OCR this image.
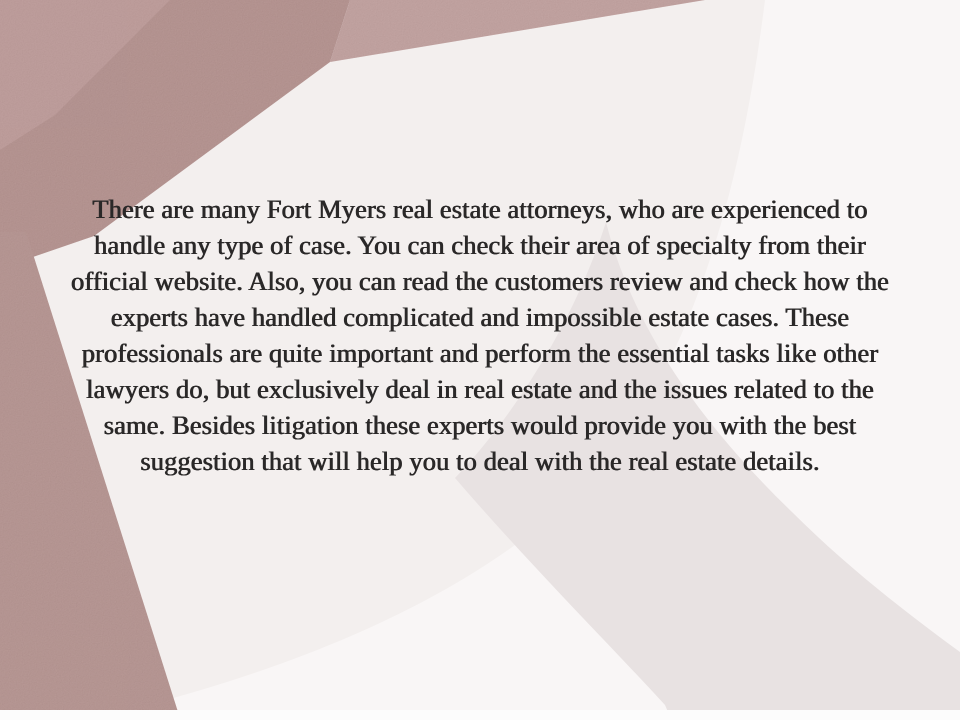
There are many Fort Myers real estate attorneys, who are experienced to
handle any type of case. You can check their area of specialty from their
official website. Also, you can read the customers review and check how the
experts have handled complicated and impossible estate cases. These
professionals are quite important and perform the essential tasks like other
lawyers do, but exclusively deal in real estate and the issues related to the
same. Besides litigation these experts would provide you with the best
suggestion that will help you to deal with the real estate details.
